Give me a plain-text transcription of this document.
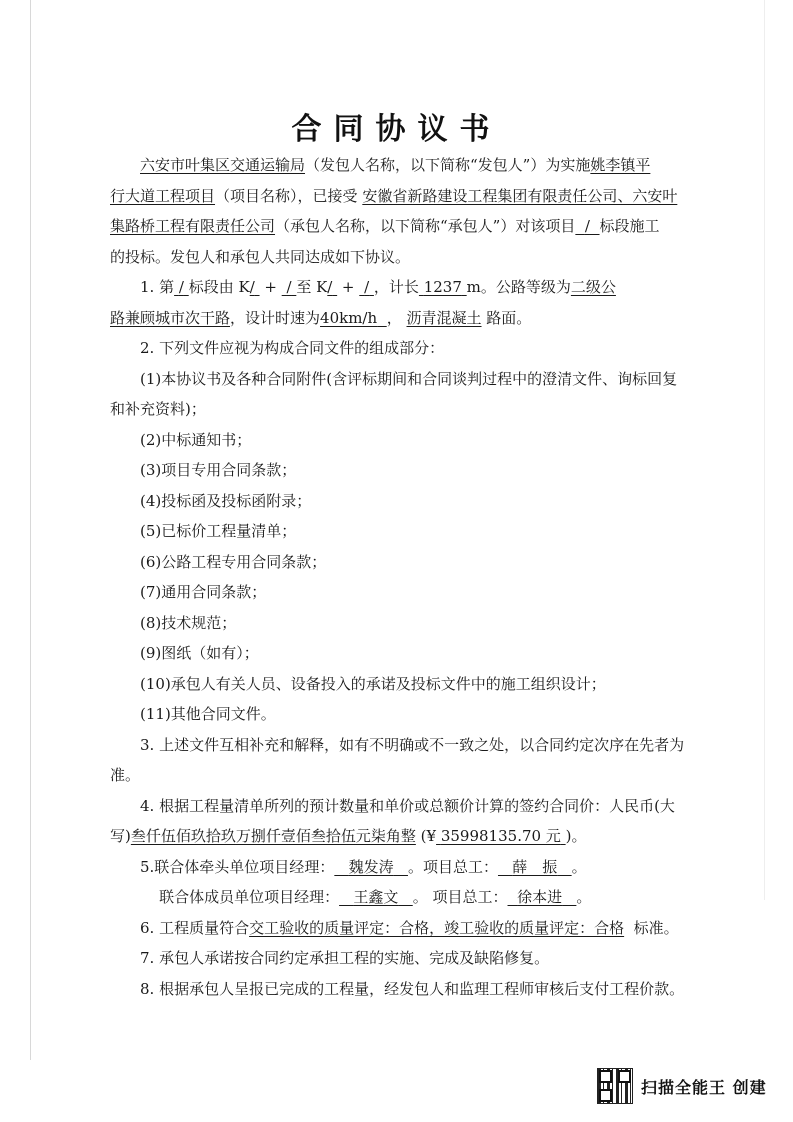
合同协议书

六安市叶集区交通运输局（发包人名称，以下简称“发包人”）为实施姚李镇平
行大道工程项目（项目名称），已接受 安徽省新路建设工程集团有限责任公司、六安叶
集路桥工程有限责任公司（承包人名称，以下简称“承包人”）对该项目 / 标段施工
的投标。发包人和承包人共同达成如下协议。

1. 第 / 标段由 K/ + / 至 K/ + / ，计长 1237 m。公路等级为二级公
路兼顾城市次干路，设计时速为40km/h ， 沥青混凝土 路面。

2. 下列文件应视为构成合同文件的组成部分：

(1)本协议书及各种合同附件(含评标期间和合同谈判过程中的澄清文件、询标回复和补充资料)；

(2)中标通知书；

(3)项目专用合同条款；

(4)投标函及投标函附录；

(5)已标价工程量清单；

(6)公路工程专用合同条款；

(7)通用合同条款；

(8)技术规范；

(9)图纸（如有）；

(10)承包人有关人员、设备投入的承诺及投标文件中的施工组织设计；

(11)其他合同文件。

3. 上述文件互相补充和解释，如有不明确或不一致之处，以合同约定次序在先者为准。

4. 根据工程量清单所列的预计数量和单价或总额价计算的签约合同价：人民币(大写)叁仟伍佰玖拾玖万捌仟壹佰叁拾伍元柒角整 (¥ 35998135.70 元 )。

5.联合体牵头单位项目经理： 魏发涛 。项目总工： 薛　振 。

联合体成员单位项目经理： 王鑫文 。 项目总工： 徐本进 。

6. 工程质量符合交工验收的质量评定：合格，竣工验收的质量评定：合格 标准。

7. 承包人承诺按合同约定承担工程的实施、完成及缺陷修复。

8. 根据承包人呈报已完成的工程量，经发包人和监理工程师审核后支付工程价款。

扫描全能王 创建
